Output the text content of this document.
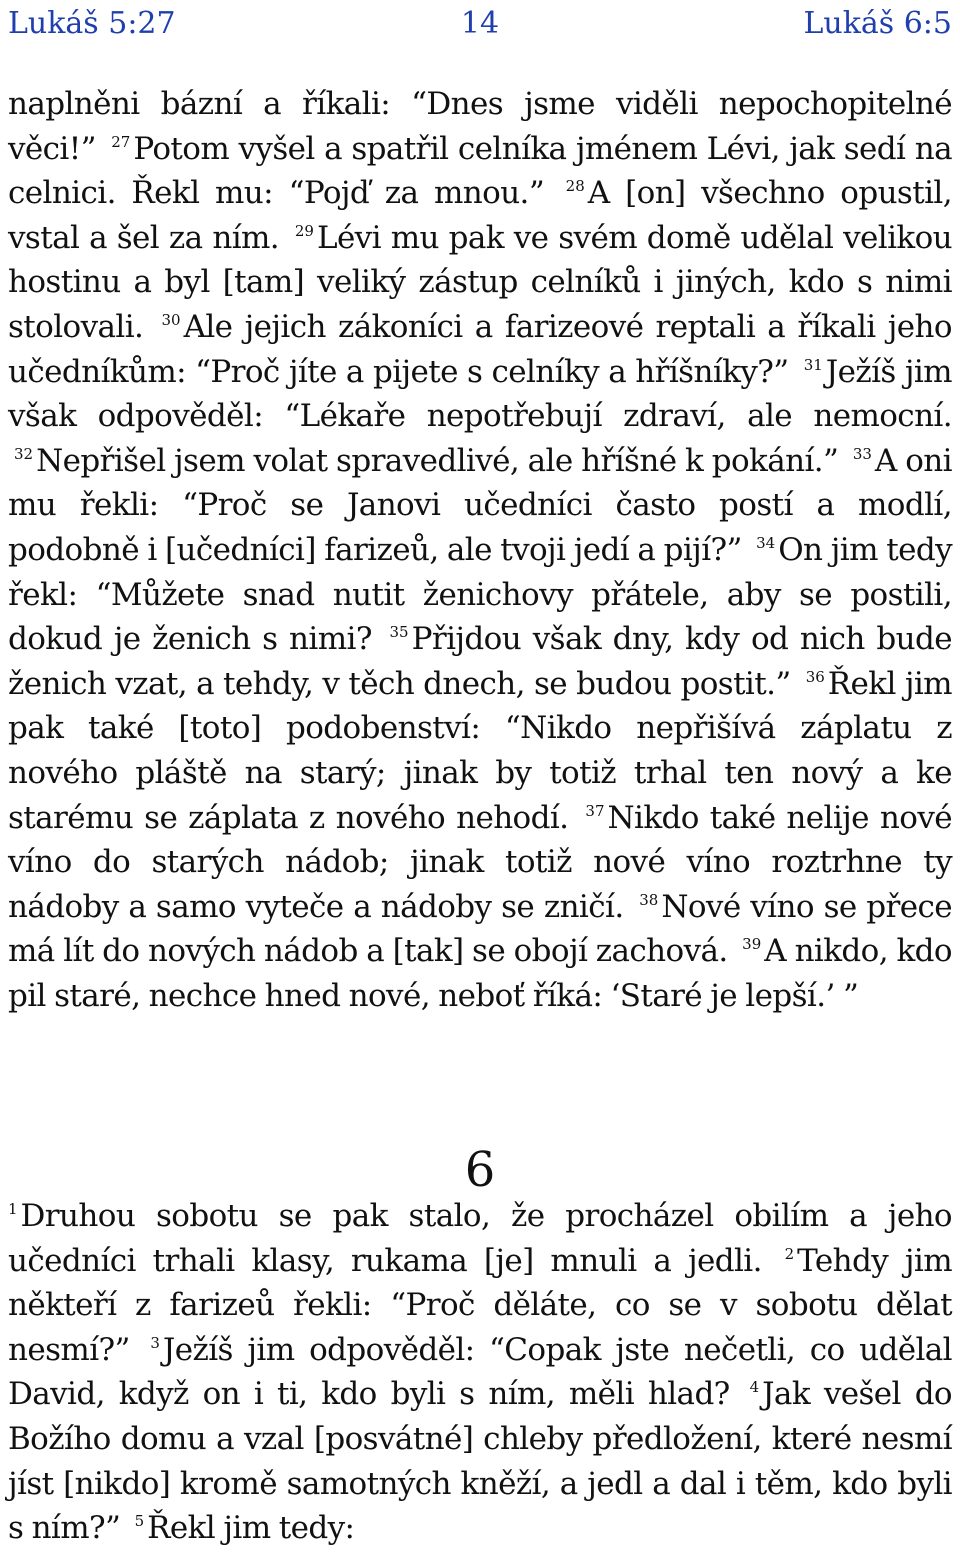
Lukáš 5:27	14	Lukáš 6:5
naplněni bázní a říkali: “Dnes jsme viděli nepochopitelné věci!” $^{27}$Potom vyšel a spatřil celníka jménem Lévi, jak sedí na celnici. Řekl mu: “Pojď za mnou.” $^{28}$A [on] všechno opustil, vstal a šel za ním. $^{29}$Lévi mu pak ve svém domě udělal velikou hostinu a byl [tam] veliký zástup celníků i jiných, kdo s nimi stolovali. $^{30}$Ale jejich zákoníci a farizeové reptali a říkali jeho učedníkům: “Proč jíte a pijete s celníky a hříšníky?” $^{31}$Ježíš jim však odpověděl: “Lékaře nepotřebují zdraví, ale nemocní. $^{32}$Nepřišel jsem volat spravedlivé, ale hříšné k pokání.” $^{33}$A oni mu řekli: “Proč se Janovi učedníci často postí a modlí, podobně i [učedníci] farizeů, ale tvoji jedí a pijí?” $^{34}$On jim tedy řekl: “Můžete snad nutit ženichovy přátele, aby se postili, dokud je ženich s nimi? $^{35}$Přijdou však dny, kdy od nich bude ženich vzat, a tehdy, v těch dnech, se budou postit.” $^{36}$Řekl jim pak také [toto] podobenství: “Nikdo nepřišívá záplatu z nového pláště na starý; jinak by totiž trhal ten nový a ke starému se záplata z nového nehodí. $^{37}$Nikdo také nelije nové víno do starých nádob; jinak totiž nové víno roztrhne ty nádoby a samo vyteče a nádoby se zničí. $^{38}$Nové víno se přece má lít do nových nádob a [tak] se obojí zachová. $^{39}$A nikdo, kdo pil staré, nechce hned nové, neboť říká: ‘Staré je lepší.’ ”
6
$^1$Druhou sobotu se pak stalo, že procházel obilím a jeho učedníci trhali klasy, rukama [je] mnuli a jedli. $^2$Tehdy jim někteří z farizeů řekli: “Proč děláte, co se v sobotu dělat nesmí?” $^3$Ježíš jim odpověděl: “Copak jste nečetli, co udělal David, když on i ti, kdo byli s ním, měli hlad? $^4$Jak vešel do Božího domu a vzal [posvátné] chleby předložení, které nesmí jíst [nikdo] kromě samotných kněží, a jedl a dal i těm, kdo byli s ním?” $^5$Řekl jim tedy:
